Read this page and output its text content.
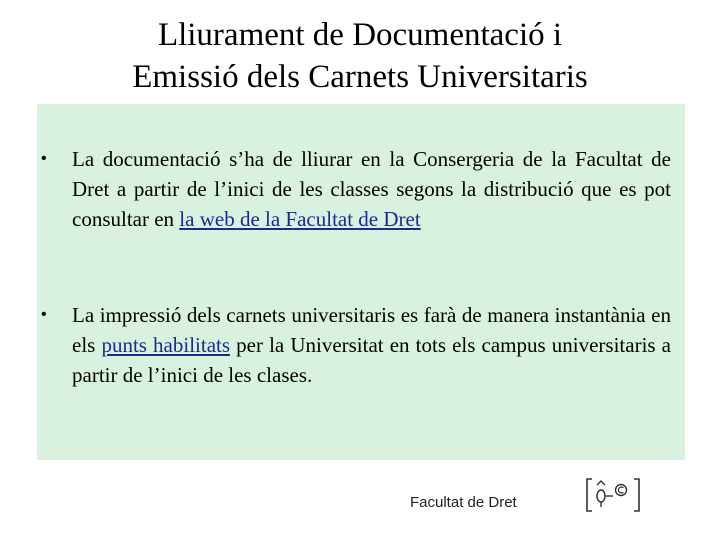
Lliurament de Documentació i
Emissió dels Carnets Universitaris
• La documentació s’ha de lliurar en la Consergeria de la Facultat de Dret a partir de l’inici de les classes segons la distribució que es pot consultar en la web de la Facultat de Dret
• La impressió dels carnets universitaris es farà de manera instantània en els punts habilitats per la Universitat en tots els campus universitaris a partir de l’inici de les clases.
Facultat de Dret
